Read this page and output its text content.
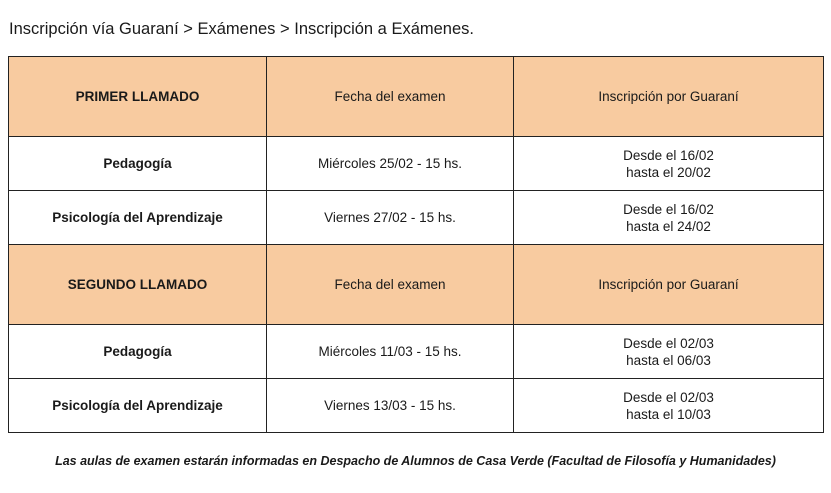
Inscripción vía Guaraní > Exámenes > Inscripción a Exámenes.
PRIMER LLAMADO	Fecha del examen	Inscripción por Guaraní
Pedagogía	Miércoles 25/02 - 15 hs.	Desde el 16/02
hasta el 20/02

Psicología del Aprendizaje	Viernes 27/02 - 15 hs.	Desde el 16/02
hasta el 24/02

SEGUNDO LLAMADO	Fecha del examen	Inscripción por Guaraní
Pedagogía	Miércoles 11/03 - 15 hs.	Desde el 02/03
hasta el 06/03

Psicología del Aprendizaje	Viernes 13/03 - 15 hs.	Desde el 02/03
hasta el 10/03
Las aulas de examen estarán informadas en Despacho de Alumnos de Casa Verde (Facultad de Filosofía y Humanidades)
